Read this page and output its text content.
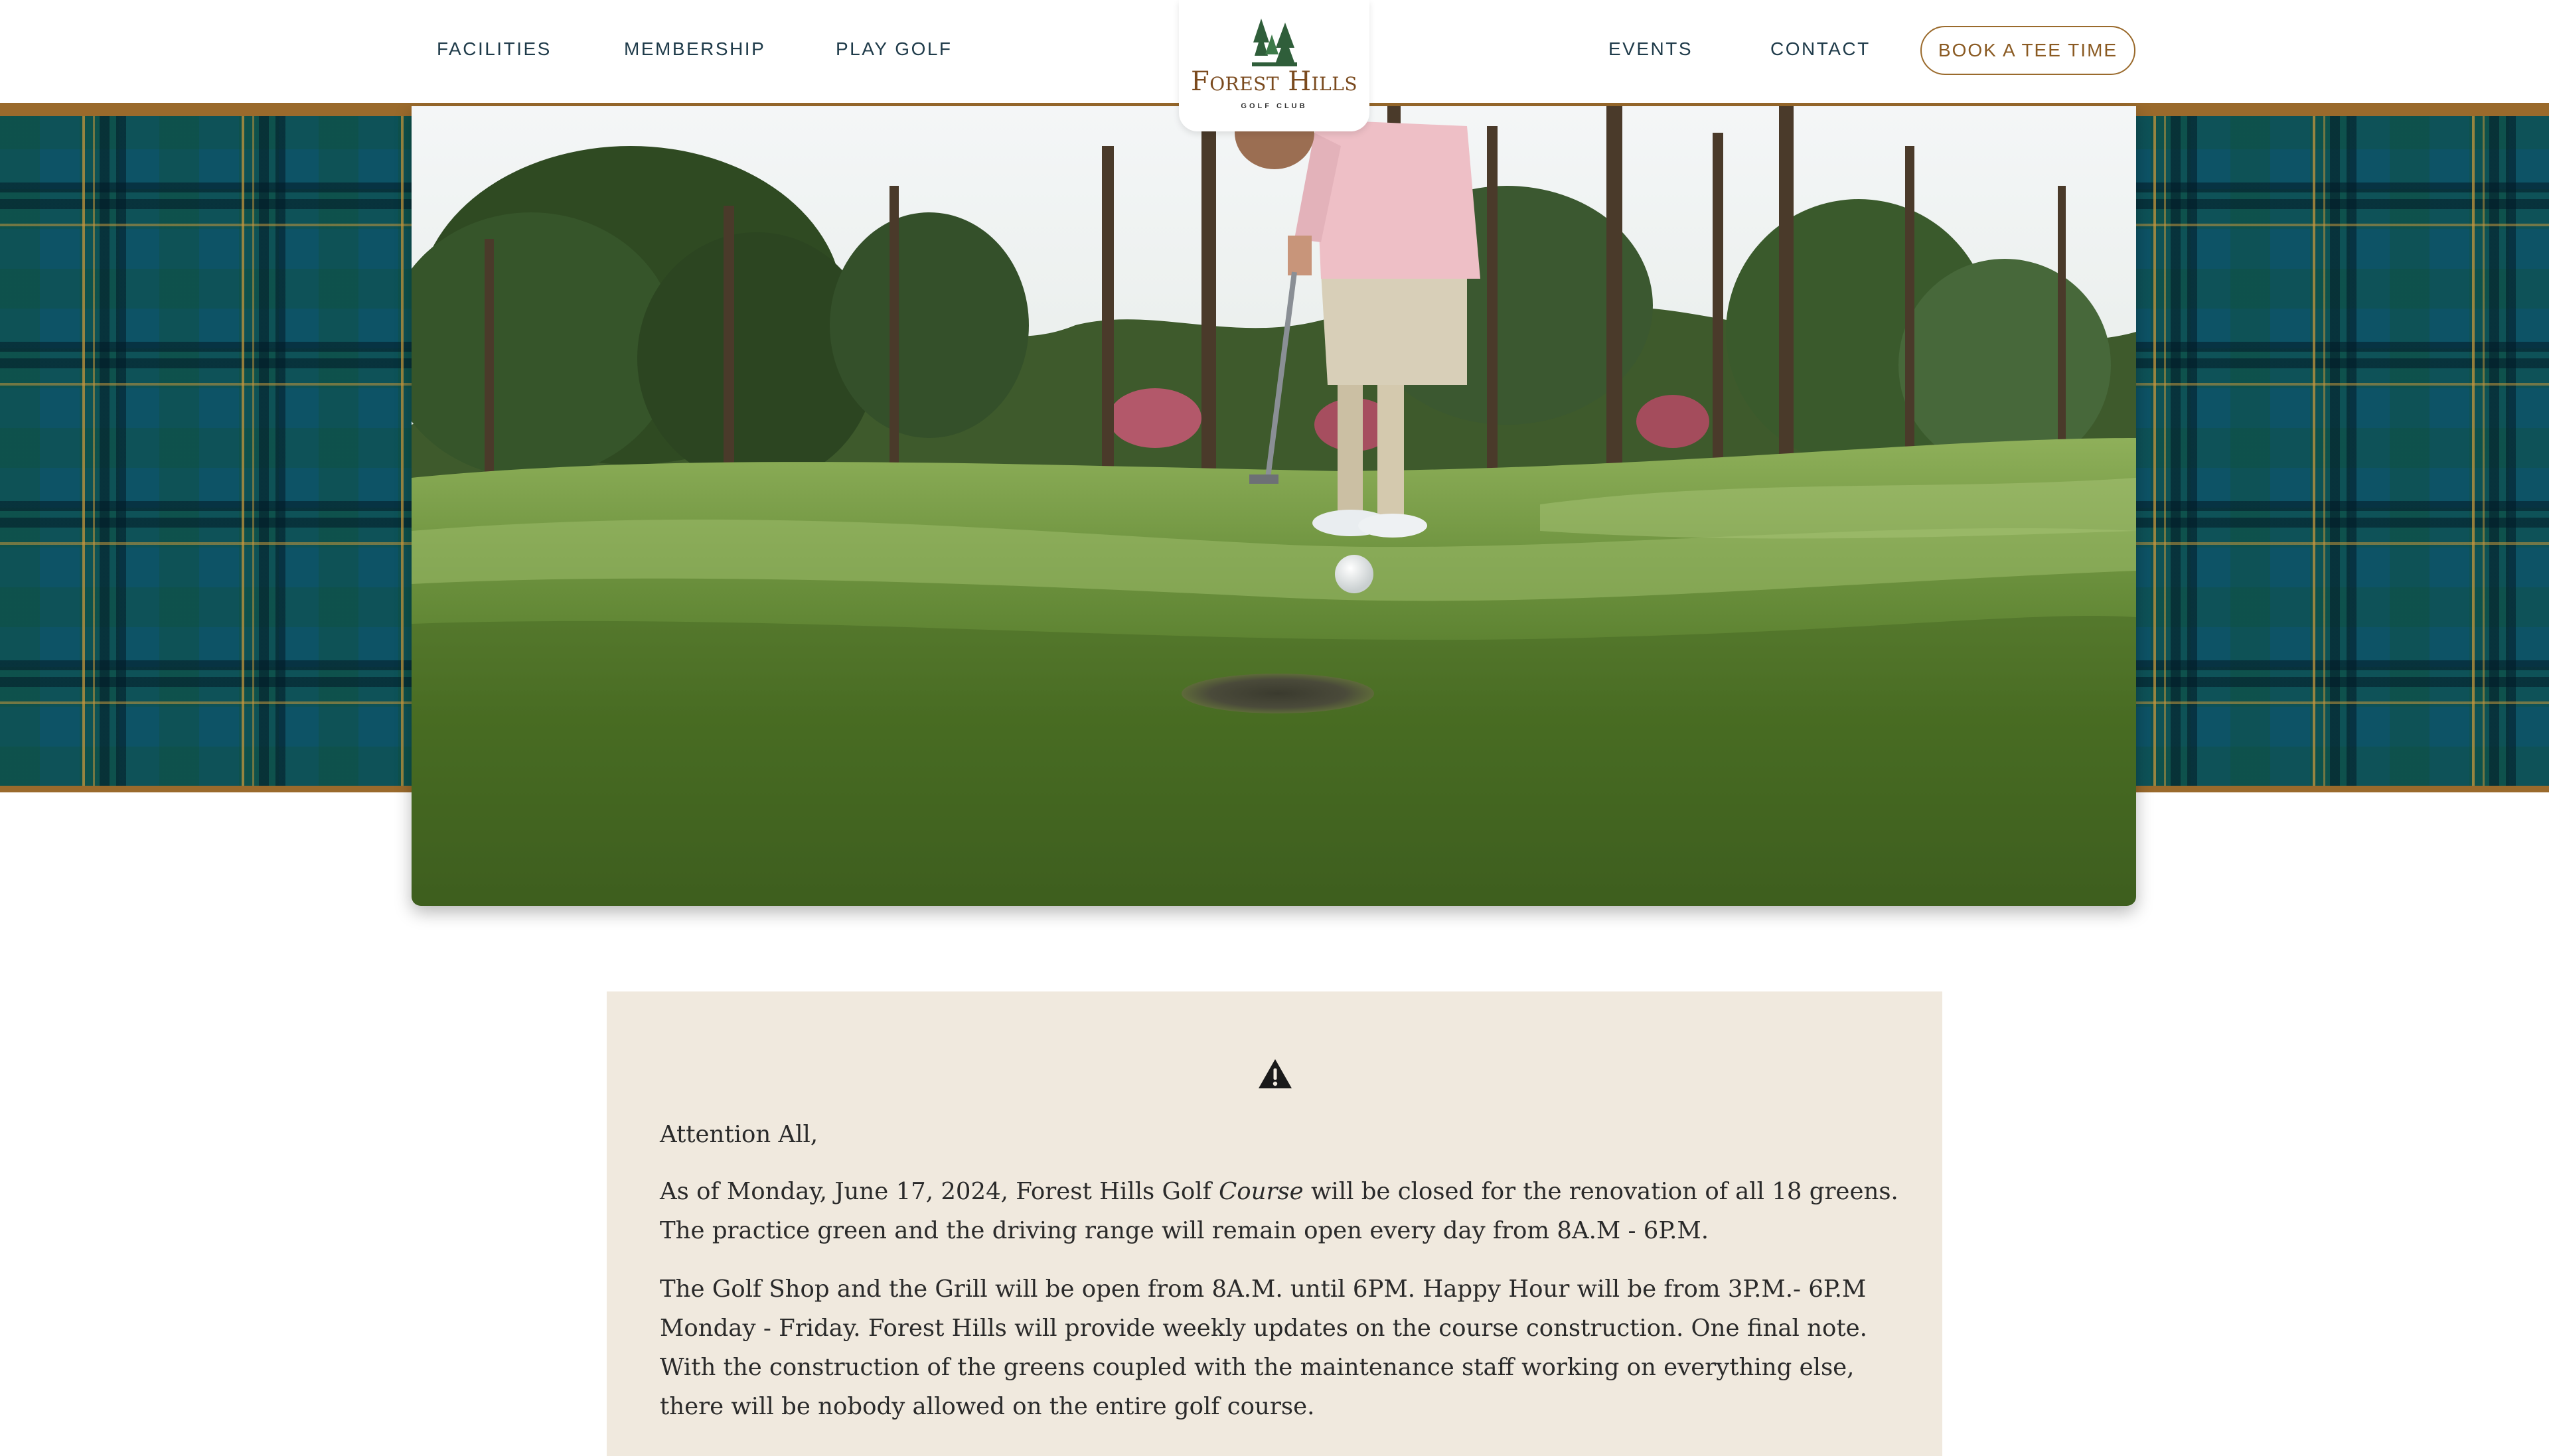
FACILITIES	MEMBERSHIP	PLAY GOLF	EVENTS	CONTACT	BOOK A TEE TIME
Forest Hills
GOLF CLUB

Attention All,

As of Monday, June 17, 2024, Forest Hills Golf Course will be closed for the renovation of all 18 greens. The practice green and the driving range will remain open every day from 8A.M - 6P.M.

The Golf Shop and the Grill will be open from 8A.M. until 6PM. Happy Hour will be from 3P.M.- 6P.M Monday - Friday. Forest Hills will provide weekly updates on the course construction. One final note. With the construction of the greens coupled with the maintenance staff working on everything else, there will be nobody allowed on the entire golf course.
